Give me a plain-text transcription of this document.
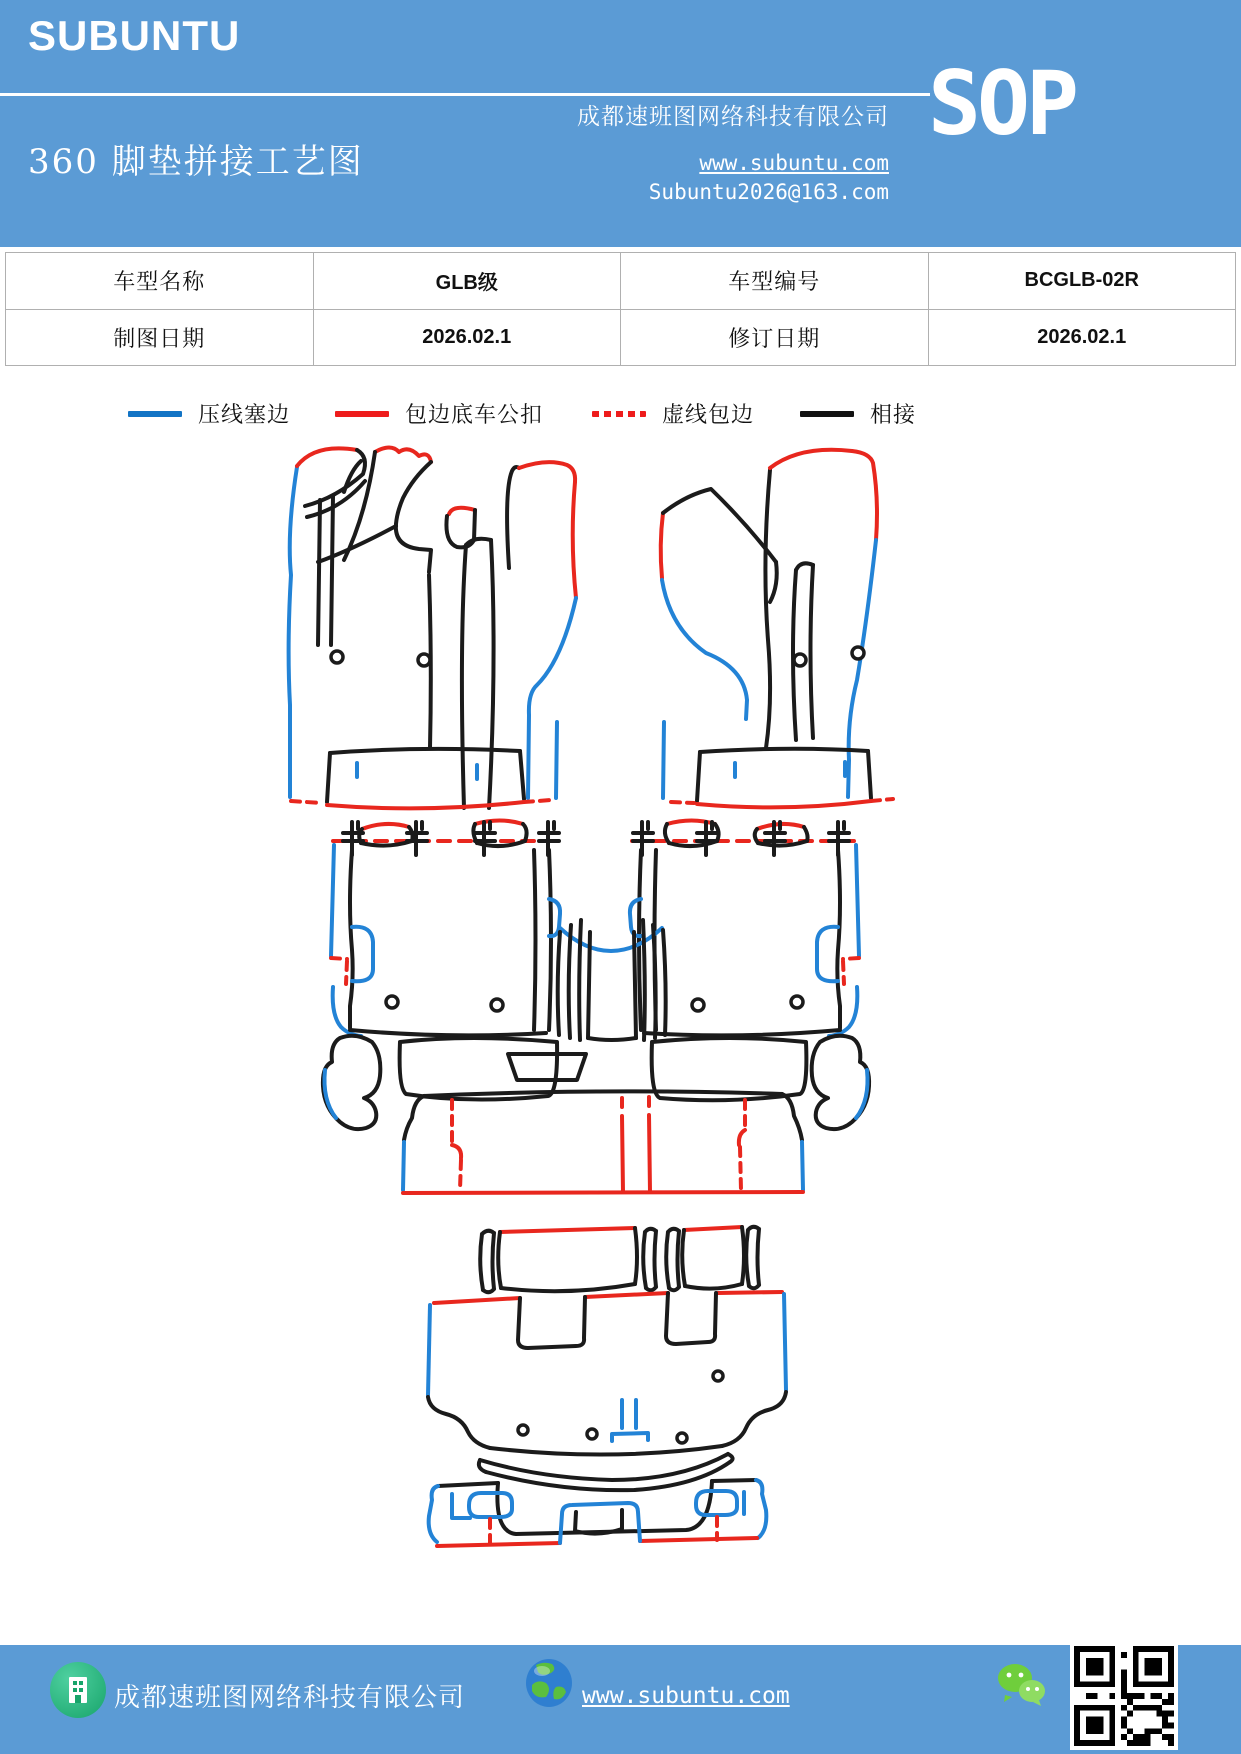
SUBUNTU
360 脚垫拼接工艺图
成都速班图网络科技有限公司
www.subuntu.com
Subuntu2026@163.com
SOP
车型名称	GLB级	车型编号	BCGLB-02R
制图日期	2026.02.1	修订日期	2026.02.1
压线塞边	包边底车公扣	虚线包边	相接
成都速班图网络科技有限公司	www.subuntu.com
